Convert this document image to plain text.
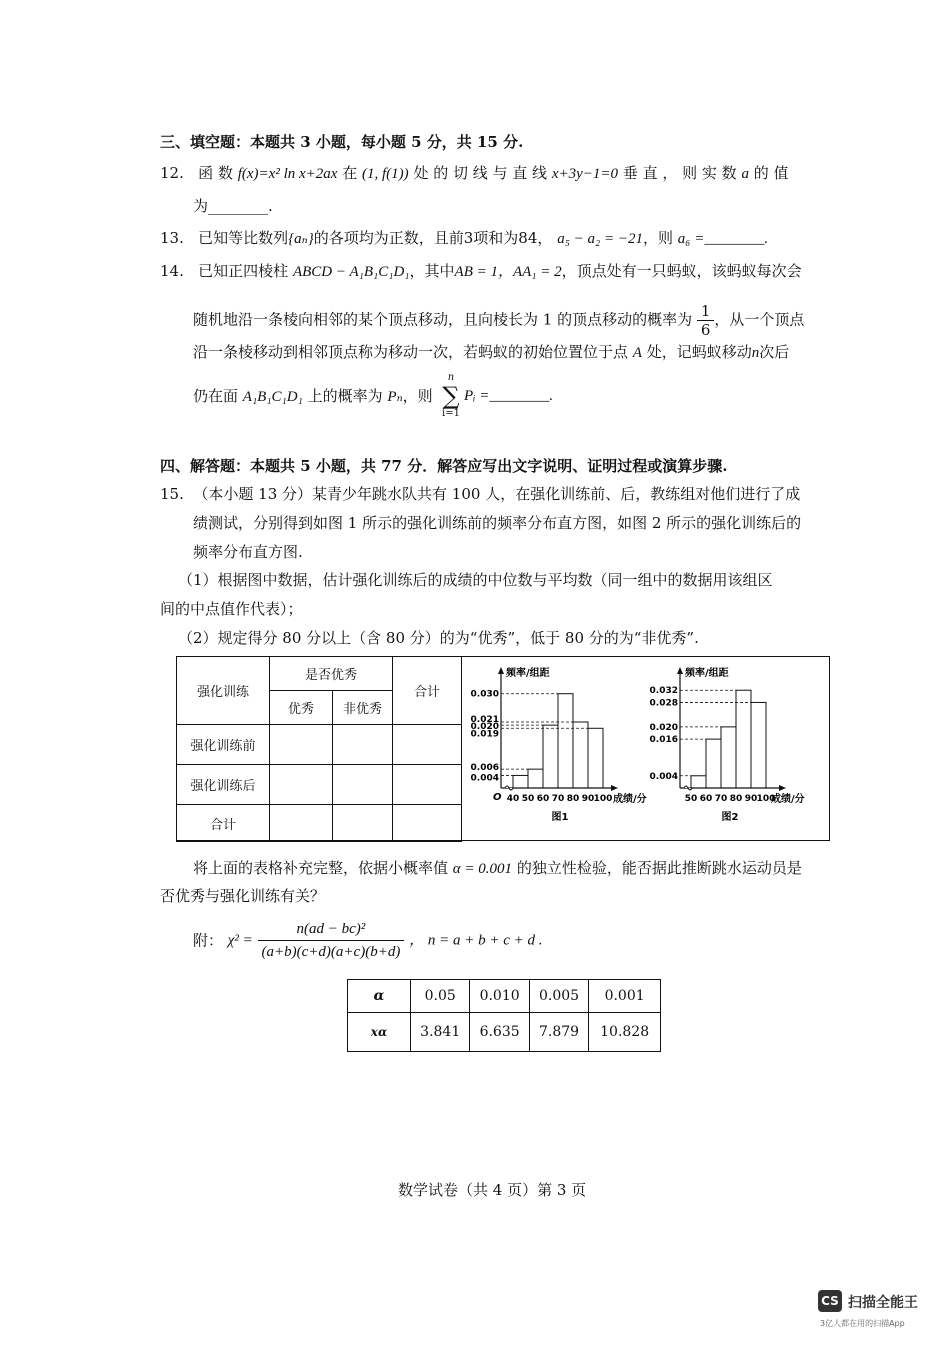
三、填空题：本题共 3 小题，每小题 5 分，共 15 分.
12. 函 数 f(x)=x² ln x+2ax 在 (1, f(1)) 处 的 切 线 与 直 线 x+3y−1=0 垂 直 ， 则 实 数 a 的 值
为________.
13. 已知等比数列{aₙ}的各项均为正数，且前3项和为84， a₅ − a₂ = −21，则 a₆ =________.
14. 已知正四棱柱 ABCD − A₁B₁C₁D₁，其中AB = 1，AA₁ = 2，顶点处有一只蚂蚁，该蚂蚁每次会
随机地沿一条棱向相邻的某个顶点移动，且向棱长为 1 的顶点移动的概率为 $\frac{1}{6}$ ，从一个顶点
沿一条棱移动到相邻顶点称为移动一次，若蚂蚁的初始位置位于点 A 处，记蚂蚁移动n次后
仍在面 A₁B₁C₁D₁ 上的概率为 Pₙ，则
n
∑
i=1
Pᵢ =________.
四、解答题：本题共 5 小题，共 77 分．解答应写出文字说明、证明过程或演算步骤.
15. （本小题 13 分）某青少年跳水队共有 100 人，在强化训练前、后，教练组对他们进行了成
绩测试，分别得到如图 1 所示的强化训练前的频率分布直方图，如图 2 所示的强化训练后的
频率分布直方图.
（1）根据图中数据，估计强化训练后的成绩的中位数与平均数（同一组中的数据用该组区
间的中点值作代表）；
（2）规定得分 80 分以上（含 80 分）的为“优秀”，低于 80 分的为“非优秀”.
强化训练	是否优秀		合计
	优秀	非优秀	
强化训练前			
强化训练后			
合计			
频率/组距
0.030
0.021
0.020
0.019
0.006
0.004
40 50 60 70 80 90 100
O	成绩/分
图1
频率/组距
0.032
0.028
0.020
0.016
0.004
50 60 70 80 90 100
成绩/分
图2
将上面的表格补充完整，依据小概率值 α = 0.001 的独立性检验，能否据此推断跳水运动员是
否优秀与强化训练有关？
附： $\chi^2 = \frac{\text{n(ad − bc)²}}{(a+b)(c+d)(a+c)(b+d)}$ ， n = a + b + c + d .
α	0.05	0.010	0.005	0.001
xα	3.841	6.635	7.879	10.828
数学试卷（共 4 页）第 3 页
CS 扫描全能王
3亿人都在用的扫描App
